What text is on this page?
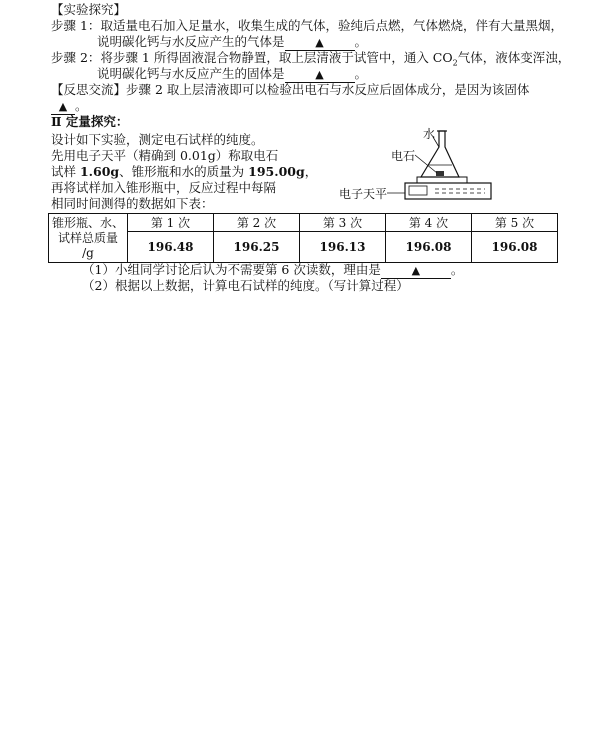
【实验探究】
步骤 1：取适量电石加入足量水，收集生成的气体，验纯后点燃，气体燃烧，伴有大量黑烟，
说明碳化钙与水反应产生的气体是	▲ 。
步骤 2：将步骤 1 所得固液混合物静置，取上层清液于试管中，通入 $CO_2$气体，液体变浑浊，
说明碳化钙与水反应产生的固体是	▲ 。
【反思交流】步骤 2 取上层清液即可以检验出电石与水反应后固体成分，是因为该固体
▲ 。
Ⅱ 定量探究：
设计如下实验，测定电石试样的纯度。
先用电子天平（精确到 0.01g）称取电石
试样 1.60g、锥形瓶和水的质量为 195.00g，
再将试样加入锥形瓶中，反应过程中每隔
相同时间测得的数据如下表：
水
电石
电子天平
锥形瓶、水、
试样总质量
/g	第 1 次	第 2 次	第 3 次	第 4 次	第 5 次
	196.48	196.25	196.13	196.08	196.08
（1）小组同学讨论后认为不需要第 6 次读数，理由是	▲ 。
（2）根据以上数据，计算电石试样的纯度。（写计算过程）
